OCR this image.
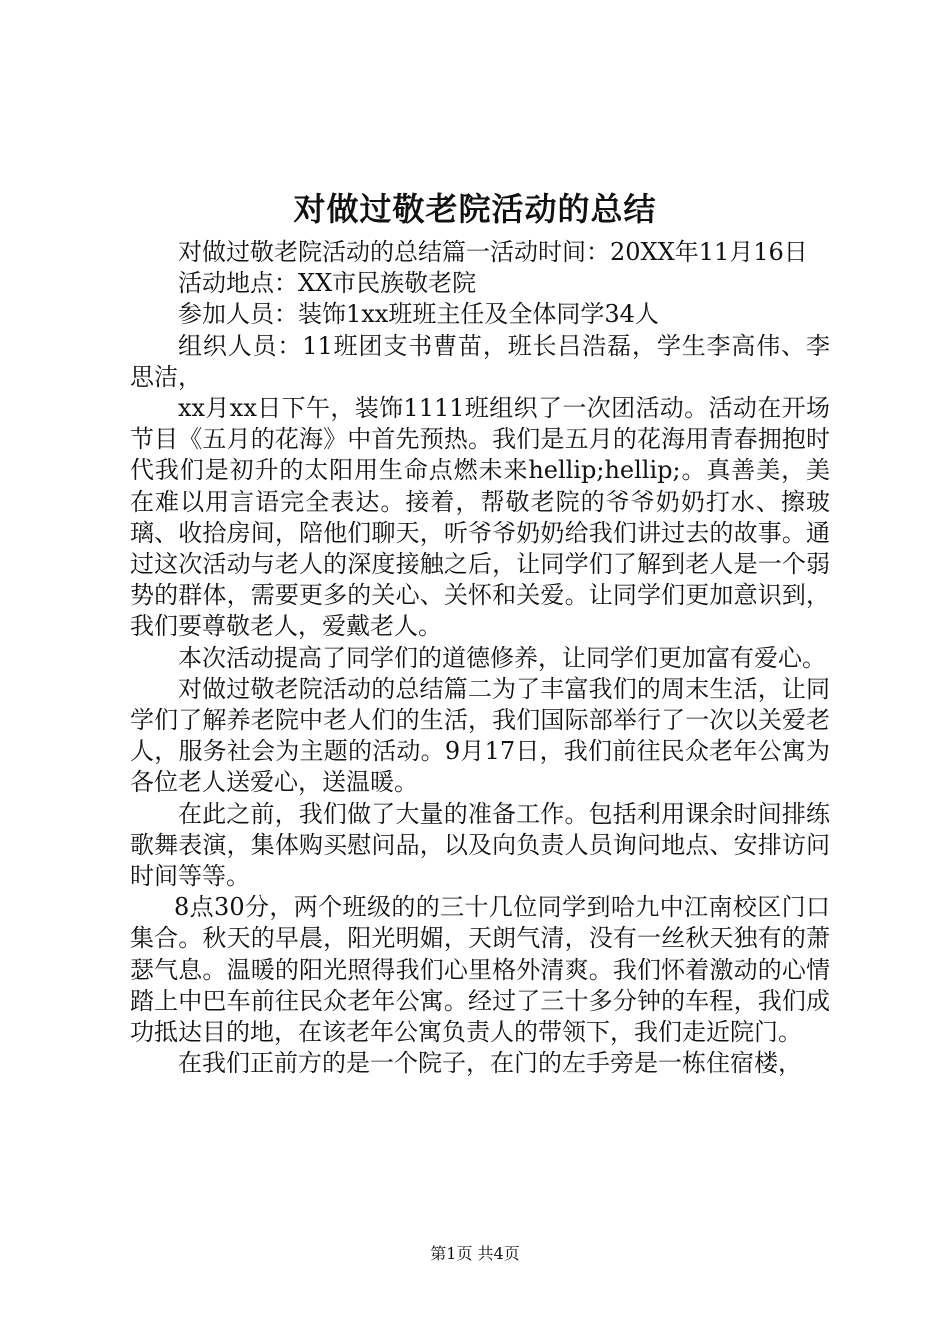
对做过敬老院活动的总结

对做过敬老院活动的总结篇一活动时间：20XX年11月16日

活动地点：XX市民族敬老院

参加人员：装饰1xx班班主任及全体同学34人

组织人员：11班团支书曹苗，班长吕浩磊，学生李高伟、李思洁，

xx月xx日下午，装饰1111班组织了一次团活动。活动在开场节目《五月的花海》中首先预热。我们是五月的花海用青春拥抱时代我们是初升的太阳用生命点燃未来hellip;hellip;。真善美，美在难以用言语完全表达。接着，帮敬老院的爷爷奶奶打水、擦玻璃、收拾房间，陪他们聊天，听爷爷奶奶给我们讲过去的故事。通过这次活动与老人的深度接触之后，让同学们了解到老人是一个弱势的群体，需要更多的关心、关怀和关爱。让同学们更加意识到，我们要尊敬老人，爱戴老人。

本次活动提高了同学们的道德修养，让同学们更加富有爱心。

对做过敬老院活动的总结篇二为了丰富我们的周末生活，让同学们了解养老院中老人们的生活，我们国际部举行了一次以关爱老人，服务社会为主题的活动。9月17日，我们前往民众老年公寓为各位老人送爱心，送温暖。

在此之前，我们做了大量的准备工作。包括利用课余时间排练歌舞表演，集体购买慰问品，以及向负责人员询问地点、安排访问时间等等。

8点30分，两个班级的的三十几位同学到哈九中江南校区门口集合。秋天的早晨，阳光明媚，天朗气清，没有一丝秋天独有的萧瑟气息。温暖的阳光照得我们心里格外清爽。我们怀着激动的心情踏上中巴车前往民众老年公寓。经过了三十多分钟的车程，我们成功抵达目的地，在该老年公寓负责人的带领下，我们走近院门。

在我们正前方的是一个院子，在门的左手旁是一栋住宿楼，

第1页 共4页
